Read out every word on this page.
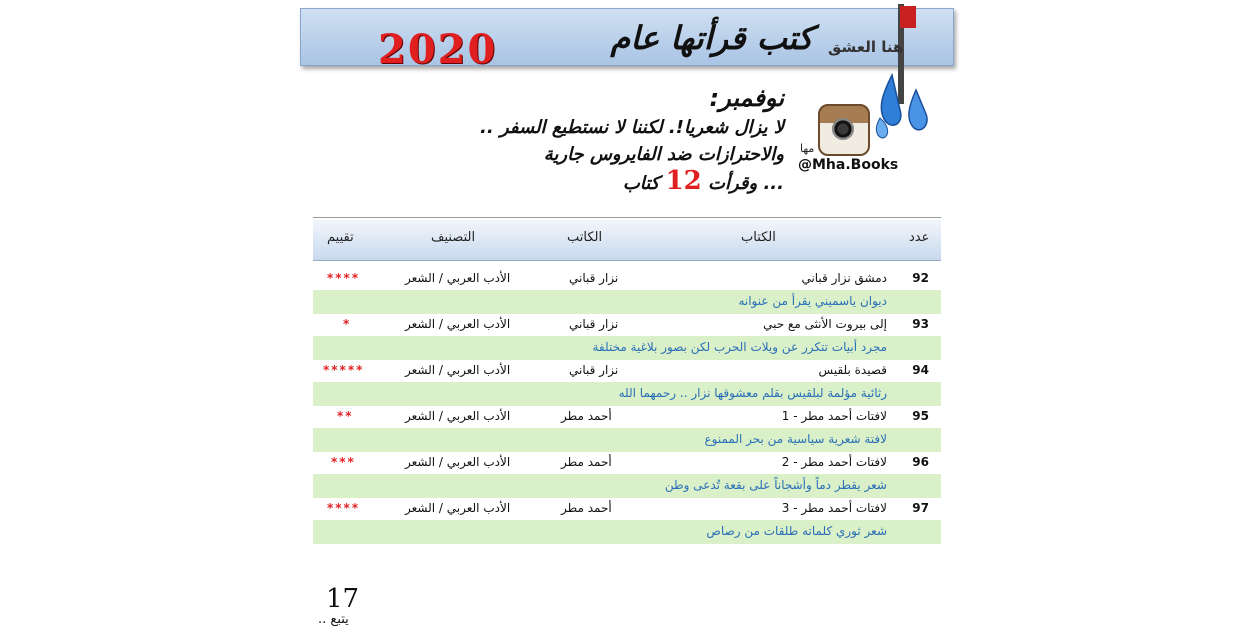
كتب قرأتها عام
2020	هنا العشق
مها
@Mha.Books
نوفمبر:
لا يزال شعريا!. لكننا لا نستطيع السفر ..
والاحترازات ضد الفايروس جارية
... وقرأت 12 كتاب
عدد
الكتاب
الكاتب
التصنيف
تقييم
92
دمشق نزار قباني
نزار قباني
الأدب العربي / الشعر
****
ديوان ياسميني يقرأ من عنوانه
93
إلى بيروت الأنثى مع حبي
نزار قباني
الأدب العربي / الشعر
*
مجرد أبيات تتكرر عن ويلات الحرب لكن بصور بلاغية مختلفة
94
قصيدة بلقيس
نزار قباني
الأدب العربي / الشعر
*****
رثائية مؤلمة لبلقيس بقلم معشوقها نزار .. رحمهما الله
95
لافتات أحمد مطر - 1
أحمد مطر
الأدب العربي / الشعر
**
لافتة شعرية سياسية من بحر الممنوع
96
لافتات أحمد مطر - 2
أحمد مطر
الأدب العربي / الشعر
***
شعر يقطر دماً وأشجاناً على بقعة تُدعى وطن
97
لافتات أحمد مطر - 3
أحمد مطر
الأدب العربي / الشعر
****
شعر ثوري كلماته طلقات من رصاص
17
يتبع ..
